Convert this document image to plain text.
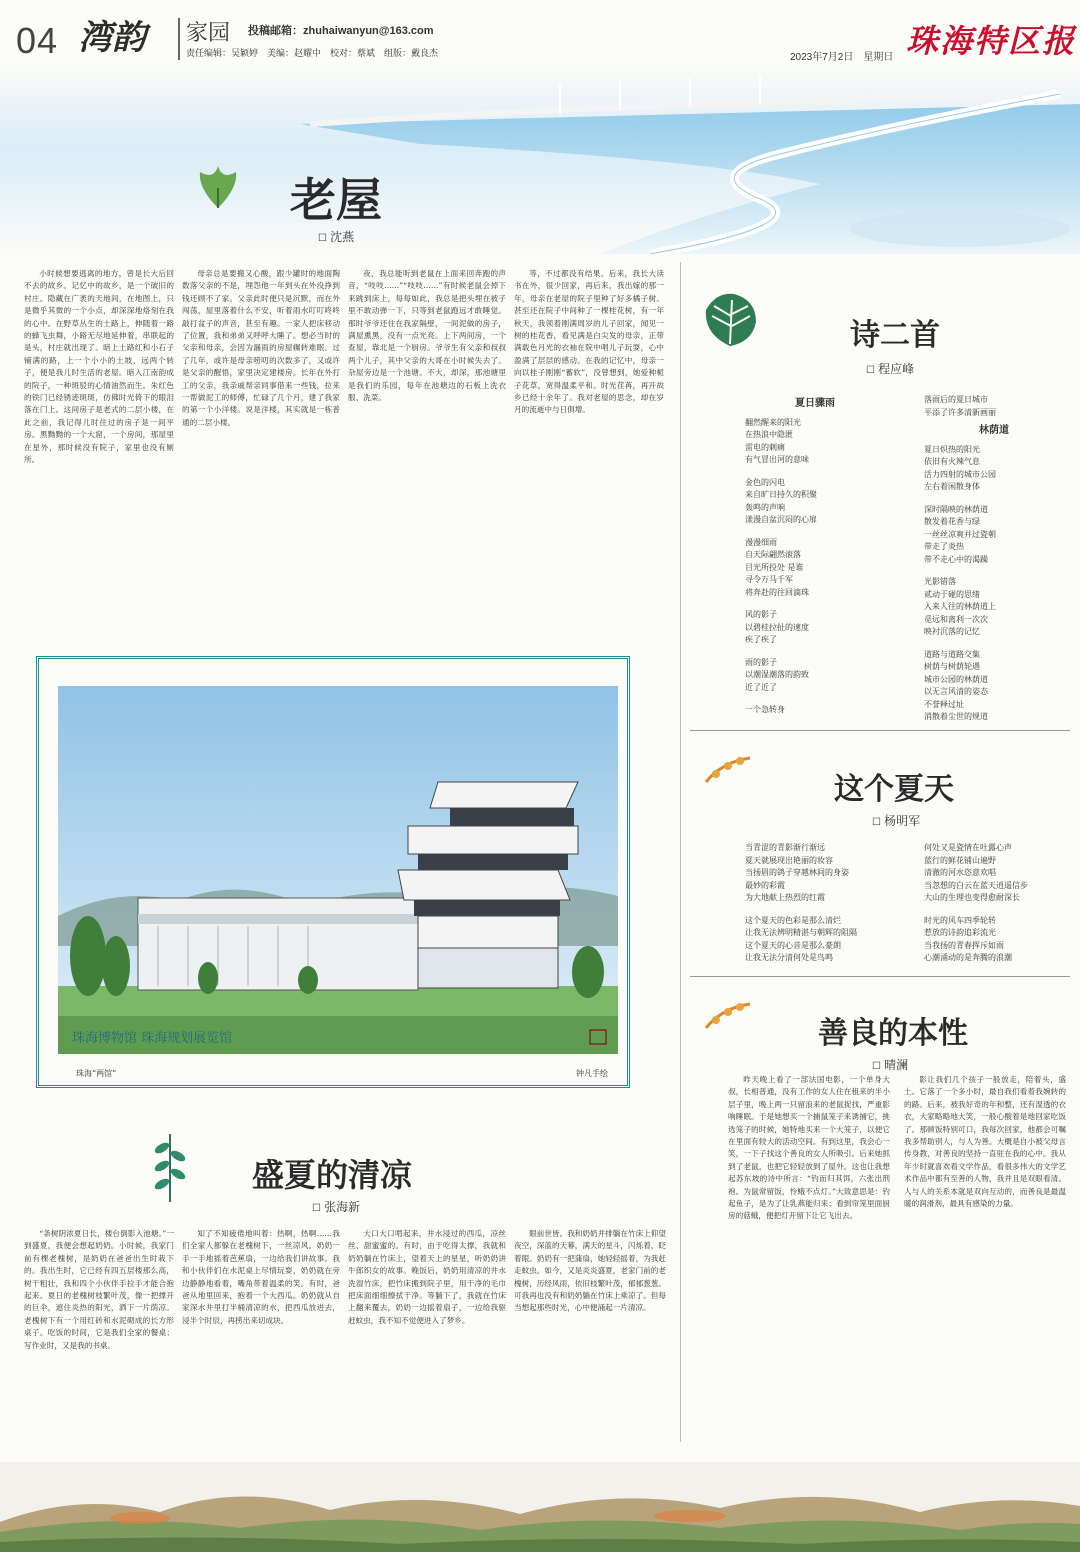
04 湾韵 家园 投稿邮箱：zhuhaiwanyun@163.com
责任编辑：吴颖婷　美编：赵耀中　校对：蔡斌　组版：戴良杰	2023年7月2日　星期日 珠海特区报
老屋
☐ 沈燕
小时候想要逃离的地方，曾是长大后回不去的故乡。记忆中的故乡，是一个破旧的村庄。隐藏在广袤的天地间，在地图上，只是微乎其微的一个小点，却深深地烙刻在我的心中。在野草丛生的土路上，伸随着一路的蜂飞虫舞，小路无尽地延伸着，串联起的是头，村庄就出现了。暗上土路红和小石子铺满的路，上一个小小的土坡，远两个转子，便是我儿时生活的老屋。暗入江南韵成的院子，一种斑驳的心情油然而生。朱红色的铁门已经锈迹斑斑，仿佛时光倚下的眼泪落在门上。这间房子是老式的二层小楼，在此之前，我记得儿时住过的房子是一间平房。黑黝黝的一个大窟，一个房间，那屋里在星外，那时候没有院子，家里也没有厕所。
母亲总是要搬又心酸，跟少罐时的地面陶数落父亲的不是，埋怨他一年到头在外没挣到钱还顾不了家。父亲此时便只是沉默，而在外闯荡，屋里落着什么不安，听着雨水叮叮咚咚敲打盆子的声音，甚至有趣。一家人把床移动了位置，我和弟弟又呼呼大睡了。想必当时的父亲和母亲，会因为漏雨的房屋辗转难眠。过了几年，或许是母亲唠叨的次数多了，又或许是父亲的醒悟，家里决定建楼房。长年在外打工的父亲，我亲戚帮亲同事借来一些钱，拉来一帮做泥工的师傅，忙碌了几个月，建了我家的第一个小洋楼。说是洋楼，其实就是一栋普通的二层小楼。
夜，我总能听到老鼠在上面来回奔跑的声音，“吱吱……”“吱吱……”有时候老鼠会掉下来跳到床上，每每如此，我总是把头埋在被子里不敢动弹一下，只等到老鼠跑远才敢睡觉。那时爷爷还住在我家隔壁，一间泥做的房子，满屋熏黑，没有一点光亮。上下两间房，一个查屋，靠北是一个厨房。爷爷生有父亲和叔叔两个儿子，其中父亲的大哥在小时候失去了。杂屋旁边是一个池塘。不大，却深，那池塘里是我们的乐园，每年在池塘边的石板上洗衣服、洗菜。
等，不过都没有结果。后来，我长大读书在外，很少回家，再后来，我出嫁的那一年，母亲在老屋的院子里种了好多橘子树。甚至还在院子中间种了一棵桂花树，有一年秋天，我领着刚满周岁的儿子回家，闻见一树的桂花香，看见满是白尖发的母亲，正带满载色月光的衣袖在院中唱儿子玩耍，心中盈满了层层的感动。在我的记忆中，母亲一向以桂子刚刚“蓄软”，没曾想到，她爱种栀子花草，宽得温柔平和。时光荏苒，再开故乡已经十余年了。我对老屋的思念，却在岁月的流逝中与日俱增。
诗二首
☐ 程应峰
夏日骤雨
翻然醒来的阳光
在热浪中隐匿
雷电的刺痛
有气冒出河的意味
金色的闪电
来自旷日持久的积聚
轰鸣的声响
漾漫自盆沉闷的心扉
漫漫细雨
自天际翩然滚落
目光所投处 是谁
寻令万马千军
将奔赴的往回滴珠
风的影子
以碧桂拉扯的速度
疾了疾了
雨的影子
以潮湿潮落的韵致
近了近了
一个急转身
落雨后的夏日城市
平添了许多清新画丽
林荫道
夏日炽热的阳光
依旧有火辣气息
活力四射的城市公园
左右着闲散身体
深时隔映的林荫道
散发着花香与绿
一丝丝凉爽并过瓷朝
带走了炎热
带不走心中的渴躁
光影错落
贰动于碰的思绪
入来人往的林荫道上
觅远和离利一次次
映衬沉落的记忆
道路与道路交集
树荫与树荫轮遇
城市公园的林荫道
以无言风清的姿态
不誉释过址
消散着尘世的规道
这个夏天
☐ 杨明军
当青涩的青影渐行渐远
夏天就展现出艳丽的妆容
当扬眉的鸽子穿越林间的身姿
最妙的彩霞
为大地献上热烈的红霞
这个夏天的色彩是那么清烂
让我无法辨明精湛与朝辉的阻隔
这个夏天的心音是那么豪朗
让我无法分清何处是鸟鸣
何处又是瓷情在吐露心声
蓝行的鲜花铺山遍野
清澈的河水恣意欢唱
当忽想的白云在蓝天逍遥信步
大山的生理也变得愈耐深长
时光的风车四季轮转
惹放的诗韵追彩流光
当我扬的青春挥斥如雨
心潮涌动的是奔腾的浪潮
善良的本性
☐ 晴澜
昨天晚上看了一部法国电影，一个单身大叔，长相普通，没有工作的女人住在租来的半小层子里，晚上两一只留浪来的老鼠捉找，严重影响睡眠。于是她想买一个捕鼠笼子来诱捕它，挑选笼子的时候，她特地买来一个大笼子，以便它在里面有较大的活动空间。有到这里，我会心一笑，一下子找这个善良的女人所吸引。后来她抓到了老鼠，也把它轻轻放到了屋外。这也让我想起苏东坡的诗中所言：“钓而归其饵，六张出刑袍。为鼠常留饭，怜蛾不点灯。”大致意思是：钓起鱼子，是为了让乳燕能归来；看到帘笼里面厨房的菇蛾，便把灯开留下让它飞出去。
影让我们几个孩子一般放走，陪着头，盛土。它落了一个多小时，最自我们看着我婉转的的路。后来，被我好奇的年和整，还有湿透的衣衣，大家略略地大笑，一般心酸着是地回家吃饭了。那顿饭特别可口，我每次回家，他都会可嘱我多帮助别人，与人为善。大概是自小被父母言传身教，对善良的坚持一直驻在我的心中。我从年少时就喜欢看文学作品，看很多伟大的文学艺术作品中都有至善的人物，我并且是双眼看清。人与人的关系本就是双向互动的，而善良是最温暖的润滑剂，最具有感染的力量。
珠海博物馆 珠海规划展览馆
珠海“两馆”	钟凡手绘
盛夏的清凉
☐ 张海新
“条树阴浓夏日长，楼台倒影入池塘。”一到盛夏，我便会想起奶奶。小时候，我家门前有棵老槐树，是奶奶在爸爸出生时栽下的。我出生时，它已经有四五层楼那么高，树干粗壮，我和四个小伙伴手拉手才能合抱起来。夏日的老槐树枝繁叶茂，像一把撑开的巨伞，遮住炎热的阳光，洒下一片荫凉。老槐树下有一个用红砖和水泥砌成的长方形桌子。吃饭的时间，它是我们全家的餐桌；写作业时，又是我的书桌。
知了不知疲倦地叫着：热啊，热啊……我们全家人都躲在老槐树下，一丝凉风。奶奶一手一手地摇着芭蕉扇，一边给我们讲故事。我和小伙伴们在水泥桌上尽情玩耍，奶奶就在旁边静静地看着，嘴角带着温柔的笑。有时，爸爸从地里回来，抱着一个大西瓜。奶奶就从自家深水井里打半桶清凉的水，把西瓜放进去，浸半个时辰，再捞出来切成块。
大口大口啃起来，井水浸过的西瓜，凉丝丝、甜蜜蜜的。有时，由于吃得太撑，我就和奶奶躺在竹床上，望着天上的星星，听奶奶讲牛郎织女的故事。晚饭后，奶奶用清凉的井水洗湿竹床，把竹床搬到院子里，用干净的毛巾把床面细细擦拭干净。等躺下了，我就在竹床上翻来覆去，奶奶一边摇着扇子，一边给我驱赶蚊虫，我不知不觉便进入了梦乡。
眼前世皆。我和奶奶并排躺在竹床上仰望夜空，深蓝的天幕，满天的星斗，闪烁着，眨着眼。奶奶有一把蒲扇，她轻轻摇着，为我赶走蚊虫。如今，又是炎炎盛夏，老家门前的老槐树，历经风雨，依旧枝繁叶茂，郁郁葱葱。可我再也没有和奶奶躺在竹床上乘凉了。但每当想起那些时光，心中便涌起一片清凉。
